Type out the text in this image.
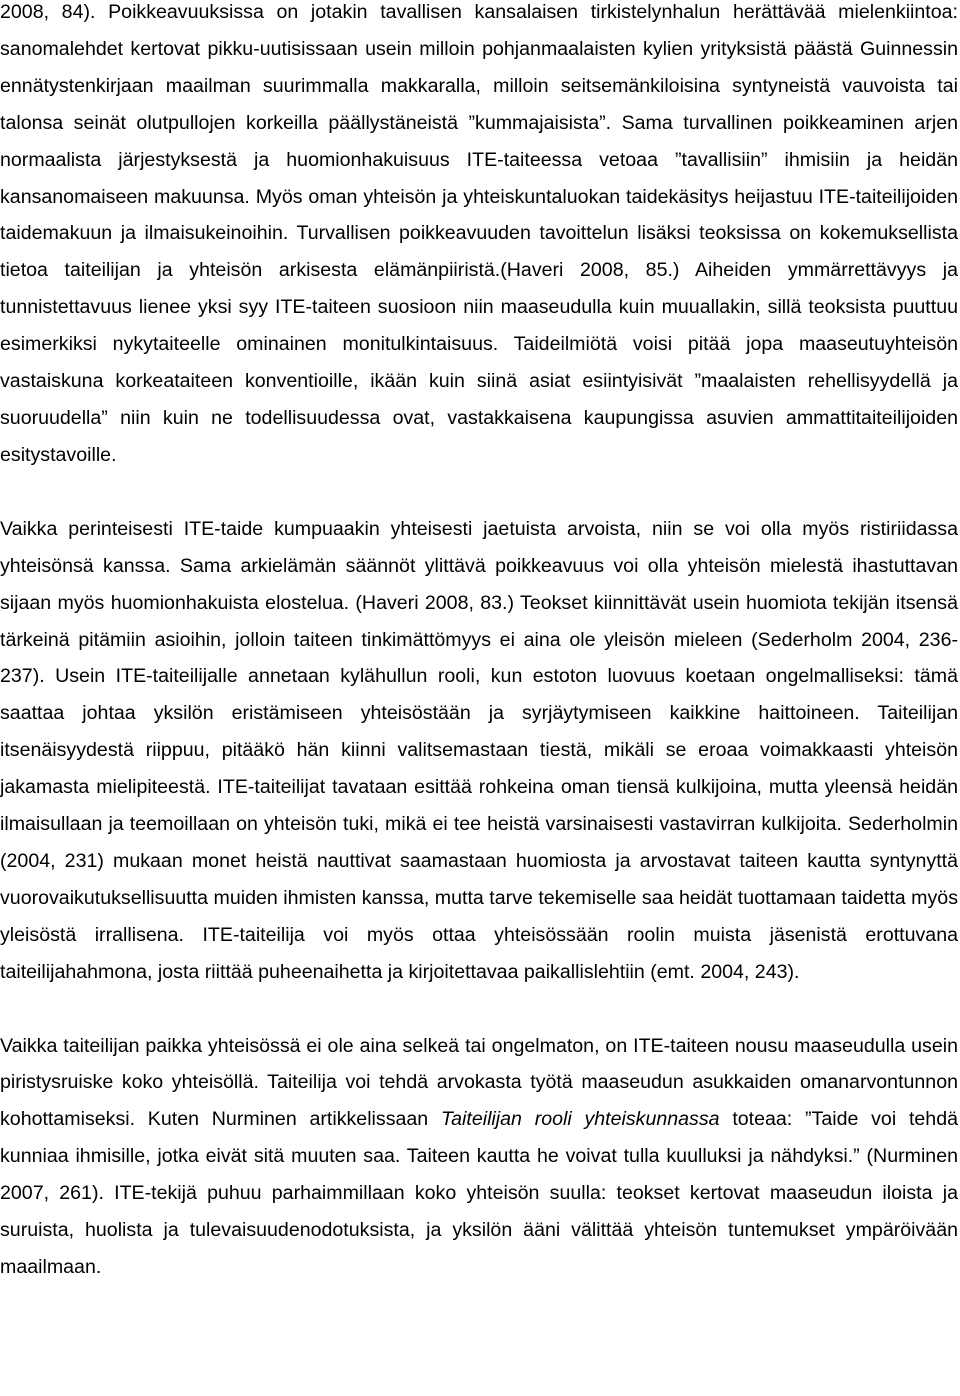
2008, 84). Poikkeavuuksissa on jotakin tavallisen kansalaisen tirkistelynhalun herättävää mielenkiintoa: sanomalehdet kertovat pikku-uutisissaan usein milloin pohjanmaalaisten kylien yrityksistä päästä Guinnessin ennätystenkirjaan maailman suurimmalla makkaralla, milloin seitsemänkiloisina syntyneistä vauvoista tai talonsa seinät olutpullojen korkeilla päällystäneistä ”kummajaisista”. Sama turvallinen poikkeaminen arjen normaalista järjestyksestä ja huomionhakuisuus ITE-taiteessa vetoaa ”tavallisiin” ihmisiin ja heidän kansanomaiseen makuunsa. Myös oman yhteisön ja yhteiskuntaluokan taidekäsitys heijastuu ITE-taiteilijoiden taidemakuun ja ilmaisukeinoihin. Turvallisen poikkeavuuden tavoittelun lisäksi teoksissa on kokemuksellista tietoa taiteilijan ja yhteisön arkisesta elämänpiiristä.(Haveri 2008, 85.) Aiheiden ymmärrettävyys ja tunnistettavuus lienee yksi syy ITE-taiteen suosioon niin maaseudulla kuin muuallakin, sillä teoksista puuttuu esimerkiksi nykytaiteelle ominainen monitulkintaisuus. Taideilmiötä voisi pitää jopa maaseutuyhteisön vastaiskuna korkeataiteen konventioille, ikään kuin siinä asiat esiintyisivät ”maalaisten rehellisyydellä ja suoruudella” niin kuin ne todellisuudessa ovat, vastakkaisena kaupungissa asuvien ammattitaiteilijoiden esitystavoille.

Vaikka perinteisesti ITE-taide kumpuaakin yhteisesti jaetuista arvoista, niin se voi olla myös ristiriidassa yhteisönsä kanssa. Sama arkielämän säännöt ylittävä poikkeavuus voi olla yhteisön mielestä ihastuttavan sijaan myös huomionhakuista elostelua. (Haveri 2008, 83.) Teokset kiinnittävät usein huomiota tekijän itsensä tärkeinä pitämiin asioihin, jolloin taiteen tinkimättömyys ei aina ole yleisön mieleen (Sederholm 2004, 236-237). Usein ITE-taiteilijalle annetaan kylähullun rooli, kun estoton luovuus koetaan ongelmalliseksi: tämä saattaa johtaa yksilön eristämiseen yhteisöstään ja syrjäytymiseen kaikkine haittoineen. Taiteilijan itsenäisyydestä riippuu, pitääkö hän kiinni valitsemastaan tiestä, mikäli se eroaa voimakkaasti yhteisön jakamasta mielipiteestä. ITE-taiteilijat tavataan esittää rohkeina oman tiensä kulkijoina, mutta yleensä heidän ilmaisullaan ja teemoillaan on yhteisön tuki, mikä ei tee heistä varsinaisesti vastavirran kulkijoita. Sederholmin (2004, 231) mukaan monet heistä nauttivat saamastaan huomiosta ja arvostavat taiteen kautta syntynyttä vuorovaikutuksellisuutta muiden ihmisten kanssa, mutta tarve tekemiselle saa heidät tuottamaan taidetta myös yleisöstä irrallisena. ITE-taiteilija voi myös ottaa yhteisössään roolin muista jäsenistä erottuvana taiteilijahahmona, josta riittää puheenaihetta ja kirjoitettavaa paikallislehtiin (emt. 2004, 243).

Vaikka taiteilijan paikka yhteisössä ei ole aina selkeä tai ongelmaton, on ITE-taiteen nousu maaseudulla usein piristysruiske koko yhteisöllä. Taiteilija voi tehdä arvokasta työtä maaseudun asukkaiden omanarvontunnon kohottamiseksi. Kuten Nurminen artikkelissaan Taiteilijan rooli yhteiskunnassa toteaa: ”Taide voi tehdä kunniaa ihmisille, jotka eivät sitä muuten saa. Taiteen kautta he voivat tulla kuulluksi ja nähdyksi.” (Nurminen 2007, 261). ITE-tekijä puhuu parhaimmillaan koko yhteisön suulla: teokset kertovat maaseudun iloista ja suruista, huolista ja tulevaisuudenodotuksista, ja yksilön ääni välittää yhteisön tuntemukset ympäröivään maailmaan.
